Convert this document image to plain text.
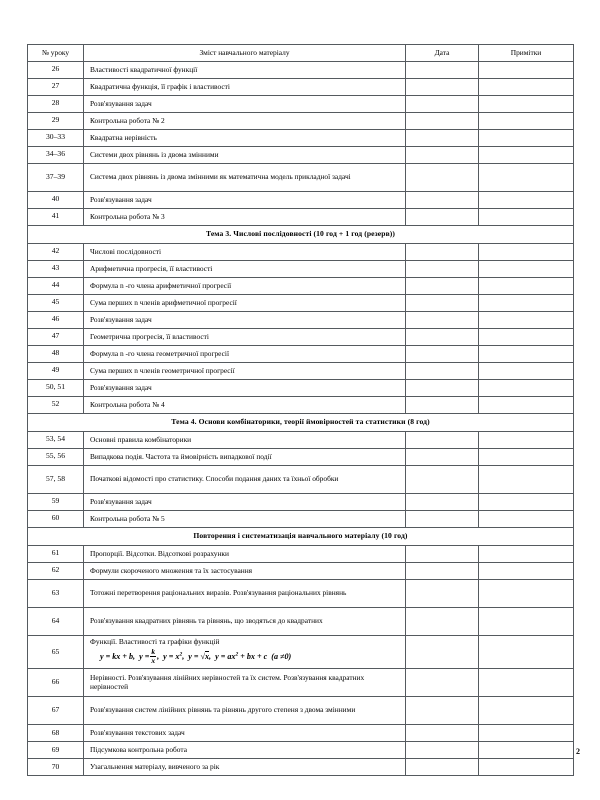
№ уроку	Зміст навчального матеріалу	Дата	Примітки
26	Властивості квадратичної функції		
27	Квадратична функція, її графік і властивості		
28	Розв'язування задач		
29	Контрольна робота № 2		
30–33	Квадратна нерівність		
34–36	Системи двох рівнянь із двома змінними		
37–39	Система двох рівнянь із двома змінними як математична модель прикладної задачі		
40	Розв'язування задач		
41	Контрольна робота № 3		
Тема 3. Числові послідовності (10 год + 1 год (резерв))			
42	Числові послідовності		
43	Арифметична прогресія, її властивості		
44	Формула n -го члена арифметичної прогресії		
45	Сума перших n членів арифметичної прогресії		
46	Розв'язування задач		
47	Геометрична прогресія, її властивості		
48	Формула n -го члена геометричної прогресії		
49	Сума перших n членів геометричної прогресії		
50, 51	Розв'язування задач		
52	Контрольна робота № 4		
Тема 4. Основи комбінаторики, теорії ймовірностей та статистики (8 год)			
53, 54	Основні правила комбінаторики		
55, 56	Випадкова подія. Частота та ймовірність випадкової події		
57, 58	Початкові відомості про статистику. Способи подання даних та їхньої обробки		
59	Розв'язування задач		
60	Контрольна робота № 5		
Повторення і систематизація навчального матеріалу (10 год)			
61	Пропорції. Відсотки. Відсоткові розрахунки		
62	Формули скороченого множення та їх застосування		
63	Тотожні перетворення раціональних виразів. Розв'язування раціональних рівнянь		
64	Розв'язування квадратних рівнянь та рівнянь, що зводяться до квадратних		
65	Функції. Властивості та графіки функцій
y = kx + b, $y = \frac{k}{x}$ , $y = x^2$, y = √x, $y = ax^2$ + bx + c (a ≠0)		

66	Нерівності. Розв'язування лінійних нерівностей та їх систем. Розв'язування квадратних нерівностей		
67	Розв'язування систем лінійних рівнянь та рівнянь другого степеня з двома змінними		
68	Розв'язування текстових задач		
69	Підсумкова контрольна робота		
70	Узагальнення матеріалу, вивченого за рік		
2
